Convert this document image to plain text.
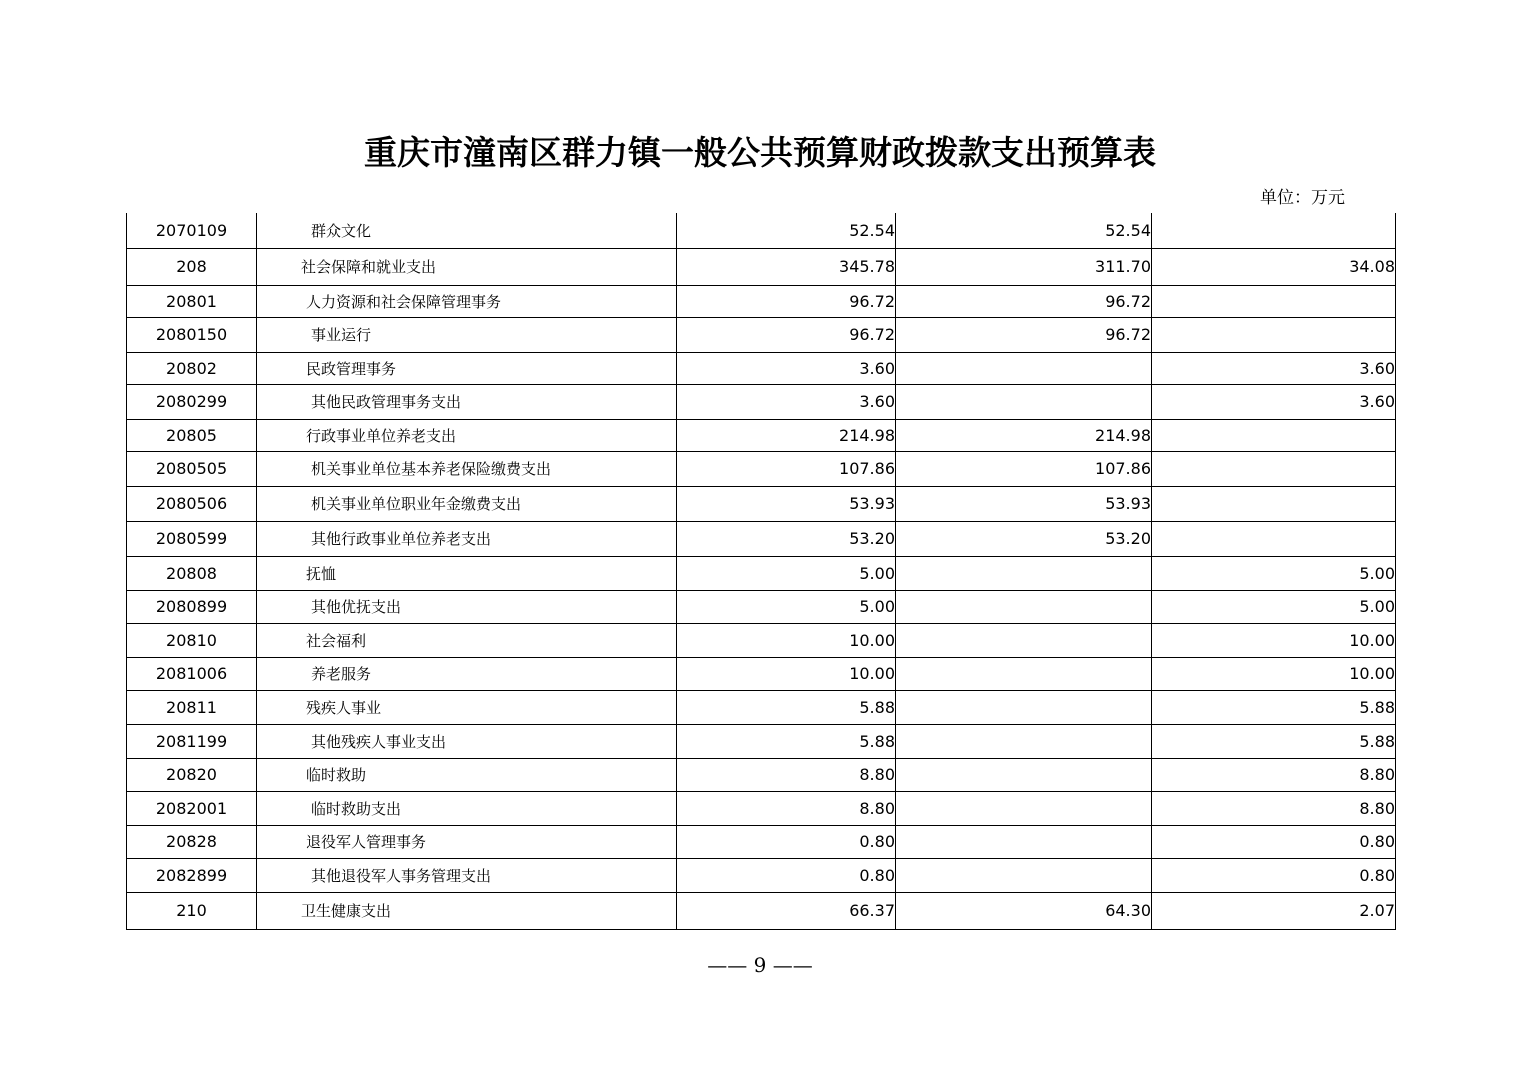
重庆市潼南区群力镇一般公共预算财政拨款支出预算表
单位：万元
2070109	群众文化	52.54	52.54	
208	社会保障和就业支出	345.78	311.70	34.08
20801	人力资源和社会保障管理事务	96.72	96.72	
2080150	事业运行	96.72	96.72	
20802	民政管理事务	3.60		3.60
2080299	其他民政管理事务支出	3.60		3.60
20805	行政事业单位养老支出	214.98	214.98	
2080505	机关事业单位基本养老保险缴费支出	107.86	107.86	
2080506	机关事业单位职业年金缴费支出	53.93	53.93	
2080599	其他行政事业单位养老支出	53.20	53.20	
20808	抚恤	5.00		5.00
2080899	其他优抚支出	5.00		5.00
20810	社会福利	10.00		10.00
2081006	养老服务	10.00		10.00
20811	残疾人事业	5.88		5.88
2081199	其他残疾人事业支出	5.88		5.88
20820	临时救助	8.80		8.80
2082001	临时救助支出	8.80		8.80
20828	退役军人管理事务	0.80		0.80
2082899	其他退役军人事务管理支出	0.80		0.80
210	卫生健康支出	66.37	64.30	2.07
—— 9 ——
